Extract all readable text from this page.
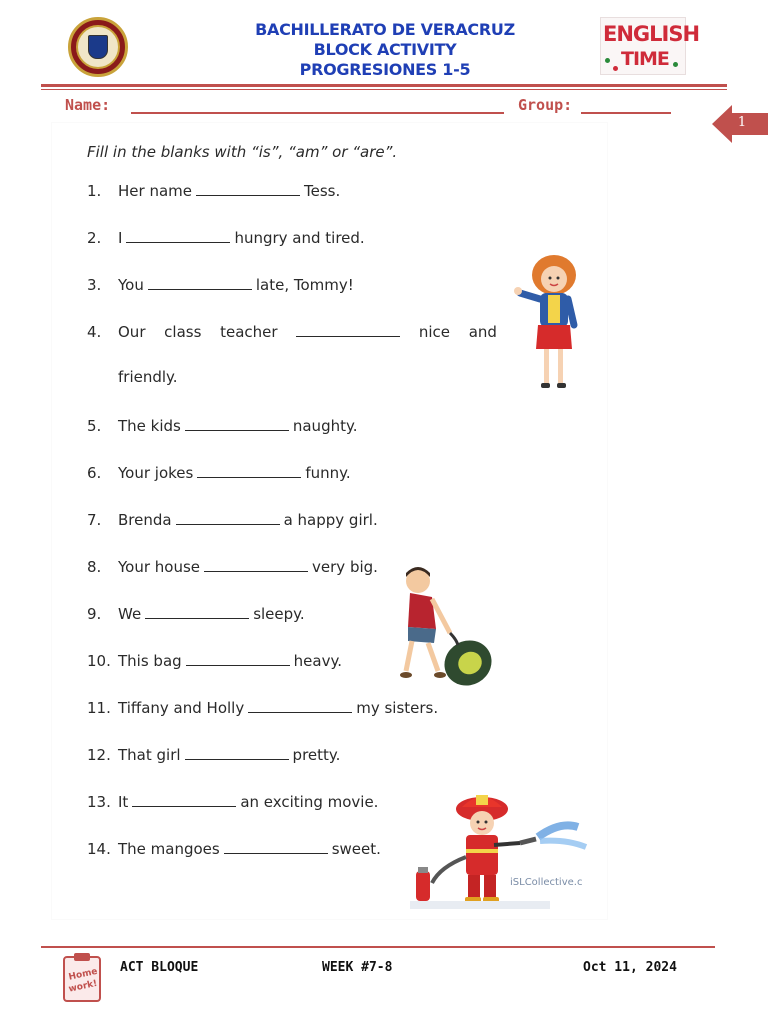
BACHILLERATO DE VERACRUZ
BLOCK ACTIVITY
PROGRESIONES 1-5
ENGLISH
TIME
Name:	Group:
1
Fill in the blanks with “is”, “am” or “are”.
1. Her name	Tess.
2. I	hungry and tired.
3. You	late, Tommy!
4. Our class teacher	nice and
friendly.
5. The kids	naughty.
6. Your jokes	funny.
7. Brenda	a happy girl.
8. Your house	very big.
9. We	sleepy.
10. This bag	heavy.
11. Tiffany and Holly	my sisters.
12. That girl	pretty.
13. It	an exciting movie.
14. The mangoes	sweet.
iSLCollective.c
Home
work!
ACT BLOQUE	WEEK #7-8	Oct 11, 2024
